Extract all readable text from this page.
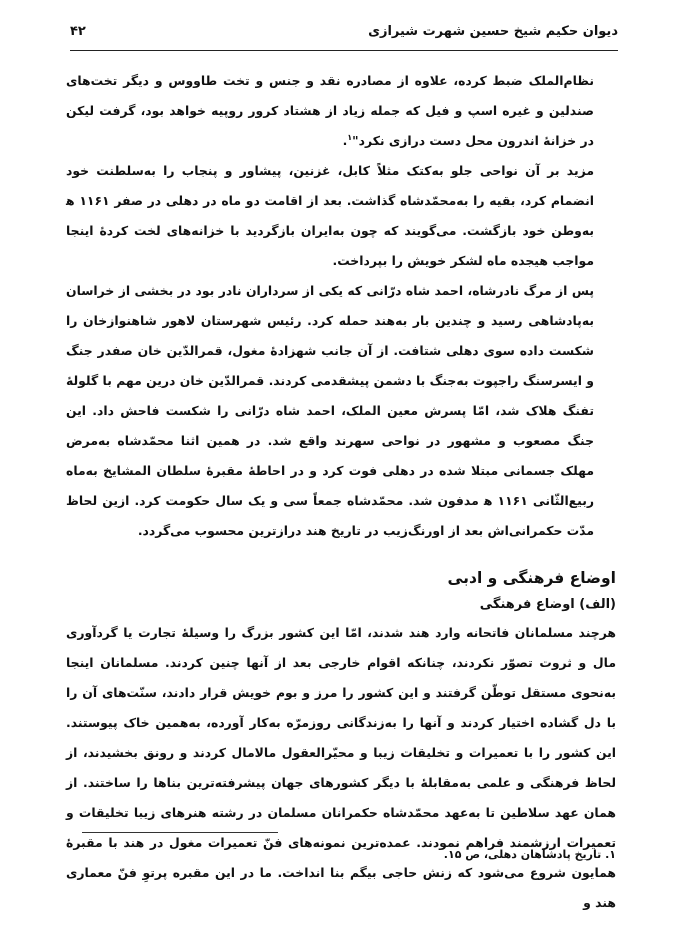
دیوان حکیم شیخ حسین شهرت شیرازی
۴۲

نظام‌الملک ضبط کرده، علاوه از مصادره نقد و جنس و تخت طاووس و دیگر تخت‌های صندلین و غیره اسپ و فیل که جمله زیاد از هشتاد کرور روپیه خواهد بود، گرفت لیکن در خزانهٔ اندرون محل دست درازی نکرد"$^۱$.

مزید بر آن نواحی جلو به‌کتک مثلاً کابل، غزنین، پیشاور و پنجاب را به‌سلطنت خود انضمام کرد، بقیه را به‌محمّدشاه گذاشت. بعد از اقامت دو ماه در دهلی در صفر ۱۱۶۱ ﻫ به‌وطن خود بازگشت. می‌گویند که چون به‌ایران بازگردید با خزانه‌های لخت کردهٔ اینجا مواجب هیجده ماه لشکر خویش را بپرداخت.

پس از مرگ نادرشاه، احمد شاه درّانی که یکی از سرداران نادر بود در بخشی از خراسان به‌پادشاهی رسید و چندین بار به‌هند حمله کرد. رئیس شهرستان لاهور شاهنوازخان را شکست داده سوی دهلی شتافت. از آن جانب شهزادهٔ مغول، قمرالدّین خان صفدر جنگ و ایسرسنگ راجپوت به‌جنگ با دشمن پیشقدمی کردند. قمرالدّین خان درین مهم با گلولهٔ تفنگ هلاک شد، امّا پسرش معین الملک، احمد شاه درّانی را شکست فاحش داد. این جنگ مصعوب و مشهور در نواحی سهرند واقع شد. در همین اثنا محمّدشاه به‌مرض مهلک جسمانی مبتلا شده در دهلی فوت کرد و در احاطهٔ مقبرهٔ سلطان المشایخ به‌ماه ربیع‌الثّانی ۱۱۶۱ ﻫ مدفون شد. محمّدشاه جمعاً سی و یک سال حکومت کرد. ازین لحاظ مدّت حکمرانی‌اش بعد از اورنگ‌زیب در تاریخ هند درازترین محسوب می‌گردد.

اوضاع فرهنگی و ادبی
(الف) اوضاع فرهنگی

هرچند مسلمانان فاتحانه وارد هند شدند، امّا این کشور بزرگ را وسیلهٔ تجارت یا گردآوری مال و ثروت تصوّر نکردند، چنانکه اقوام خارجی بعد از آنها چنین کردند. مسلمانان اینجا به‌نحوی مستقل توطّن گرفتند و این کشور را مرز و بوم خویش قرار دادند، سنّت‌های آن را با دل گشاده اختیار کردند و آنها را به‌زندگانی روزمرّه به‌کار آورده، به‌همین خاک پیوستند. این کشور را با تعمیرات و تخلیقات زیبا و محیّرالعقول مالامال کردند و رونق بخشیدند، از لحاظ فرهنگی و علمی به‌مقابلهٔ با دیگر کشورهای جهان پیشرفته‌ترین بناها را ساختند. از همان عهد سلاطین تا به‌عهد محمّدشاه حکمرانان مسلمان در رشته هنرهای زیبا تخلیقات و تعمیرات ارزشمند فراهم نمودند. عمده‌ترین نمونه‌های فنّ تعمیرات مغول در هند با مقبرهٔ همایون شروع می‌شود که زنش حاجی بیگم بنا انداخت. ما در این مقبره پرتوِ فنّ معماری هند و

۱. تاریخ پادشاهان دهلی، ص ۱۵.
